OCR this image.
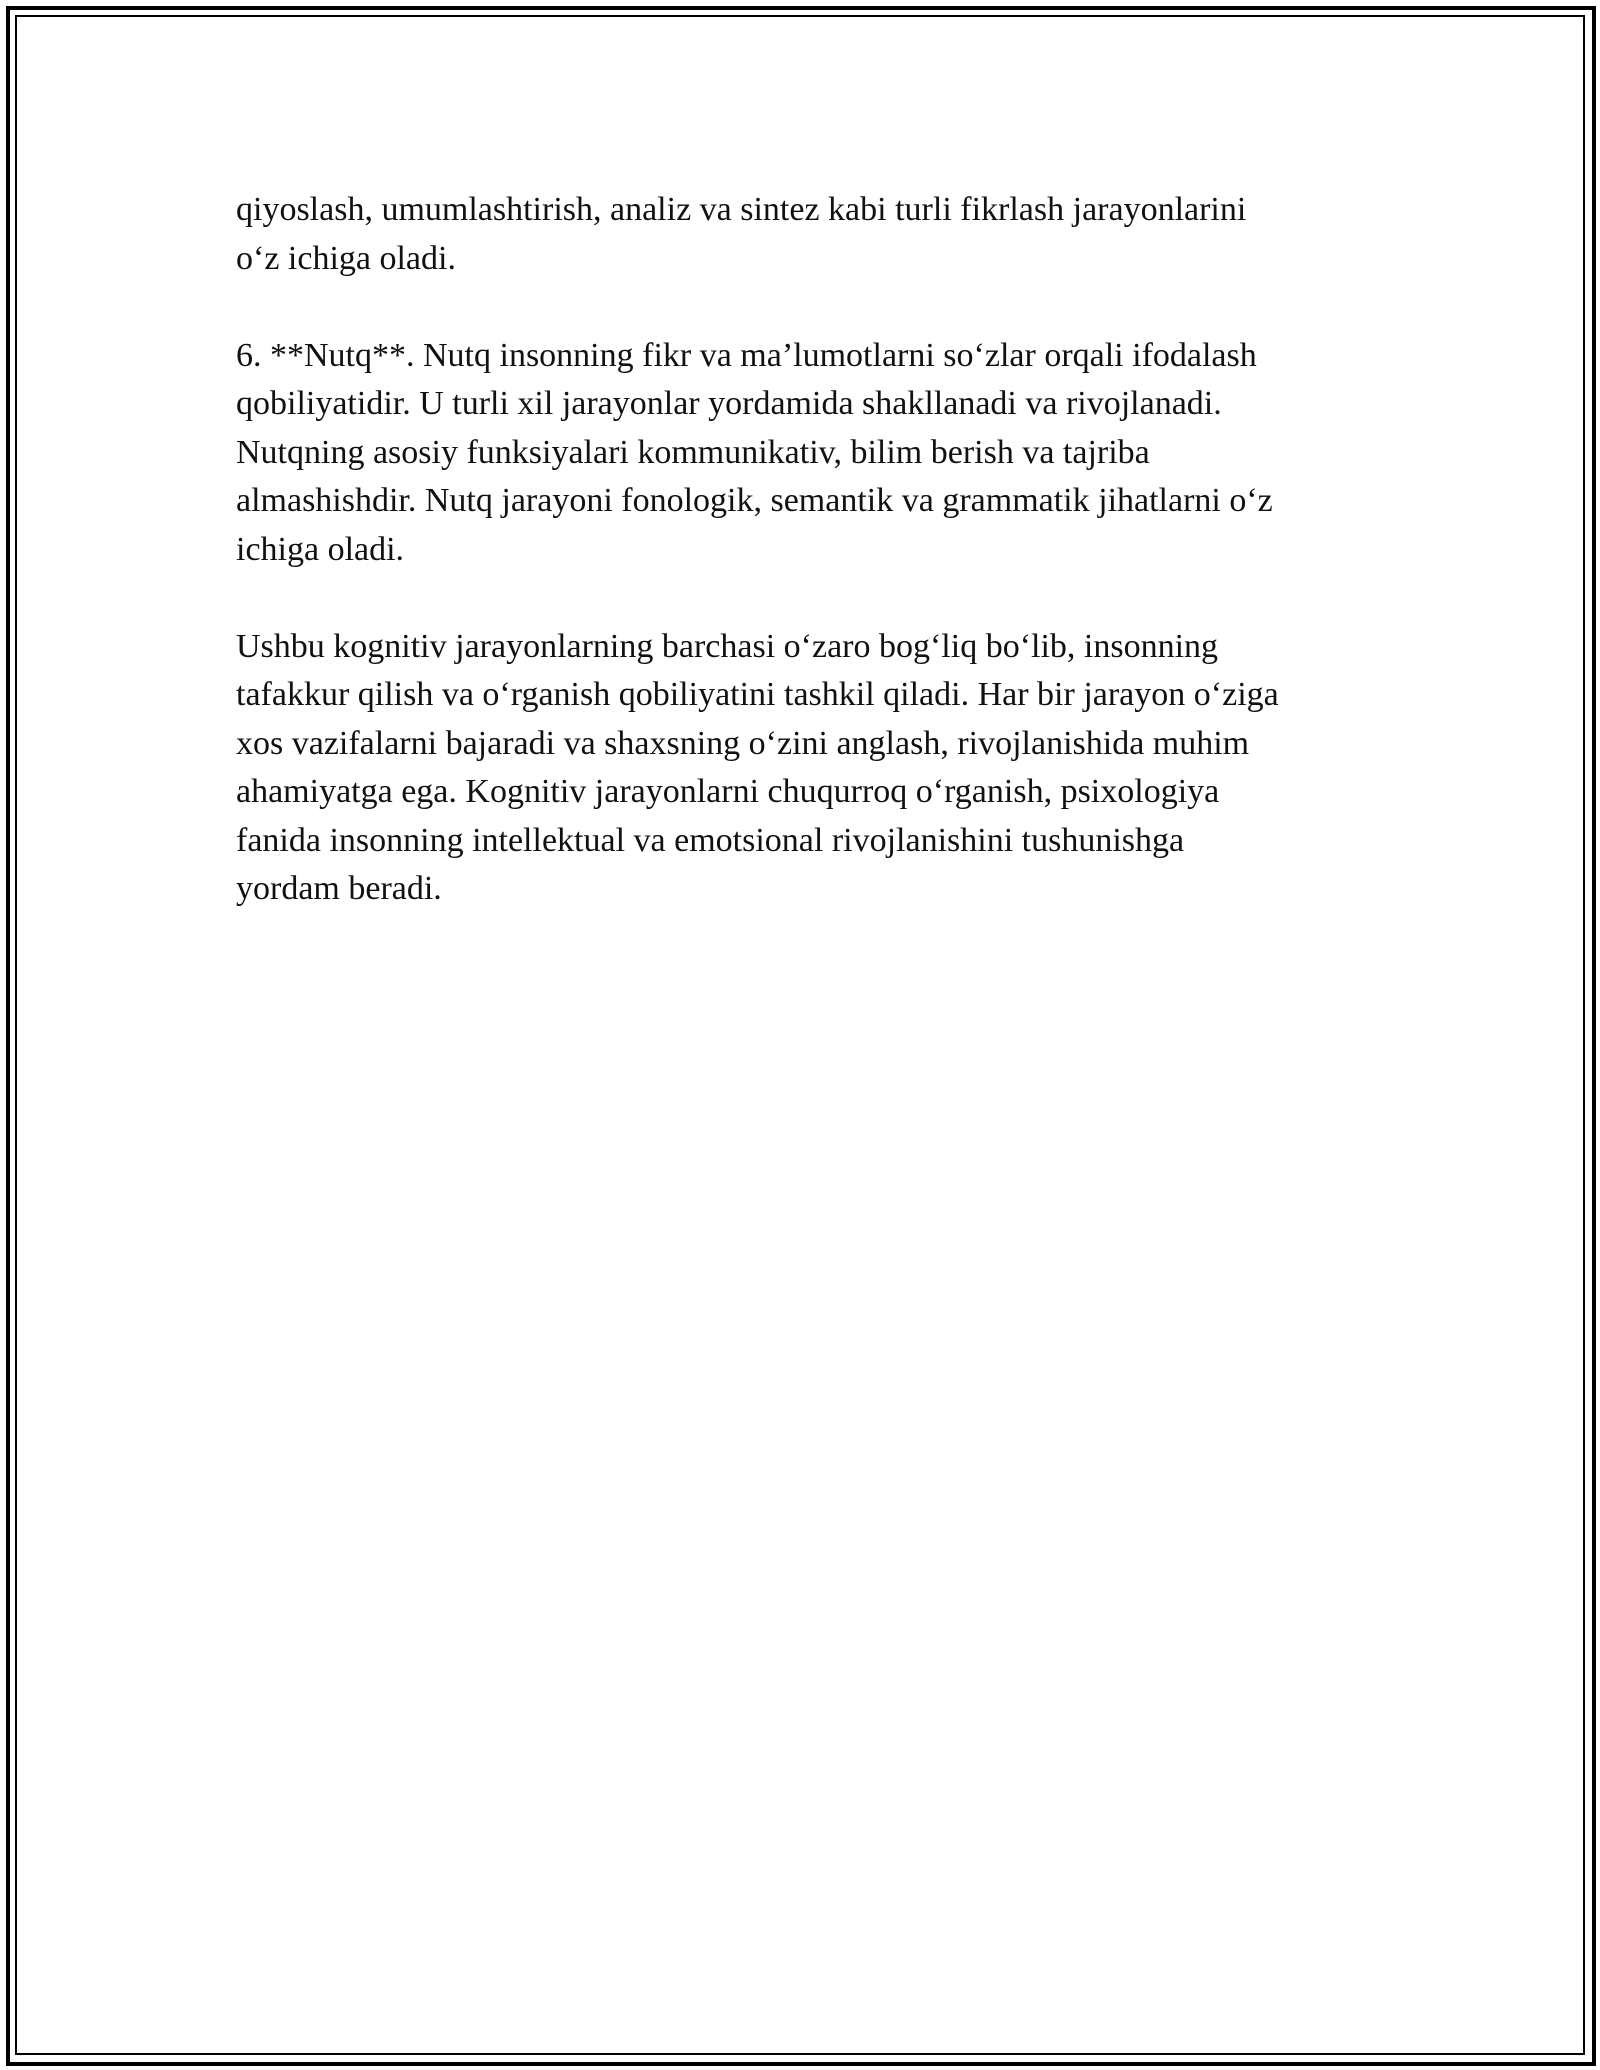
qiyoslash, umumlashtirish, analiz va sintez kabi turli fikrlash jarayonlarini
o‘z ichiga oladi.

6. **Nutq**. Nutq insonning fikr va ma’lumotlarni so‘zlar orqali ifodalash
qobiliyatidir. U turli xil jarayonlar yordamida shakllanadi va rivojlanadi.
Nutqning asosiy funksiyalari kommunikativ, bilim berish va tajriba
almashishdir. Nutq jarayoni fonologik, semantik va grammatik jihatlarni o‘z
ichiga oladi.

Ushbu kognitiv jarayonlarning barchasi o‘zaro bog‘liq bo‘lib, insonning
tafakkur qilish va o‘rganish qobiliyatini tashkil qiladi. Har bir jarayon o‘ziga
xos vazifalarni bajaradi va shaxsning o‘zini anglash, rivojlanishida muhim
ahamiyatga ega. Kognitiv jarayonlarni chuqurroq o‘rganish, psixologiya
fanida insonning intellektual va emotsional rivojlanishini tushunishga
yordam beradi.
